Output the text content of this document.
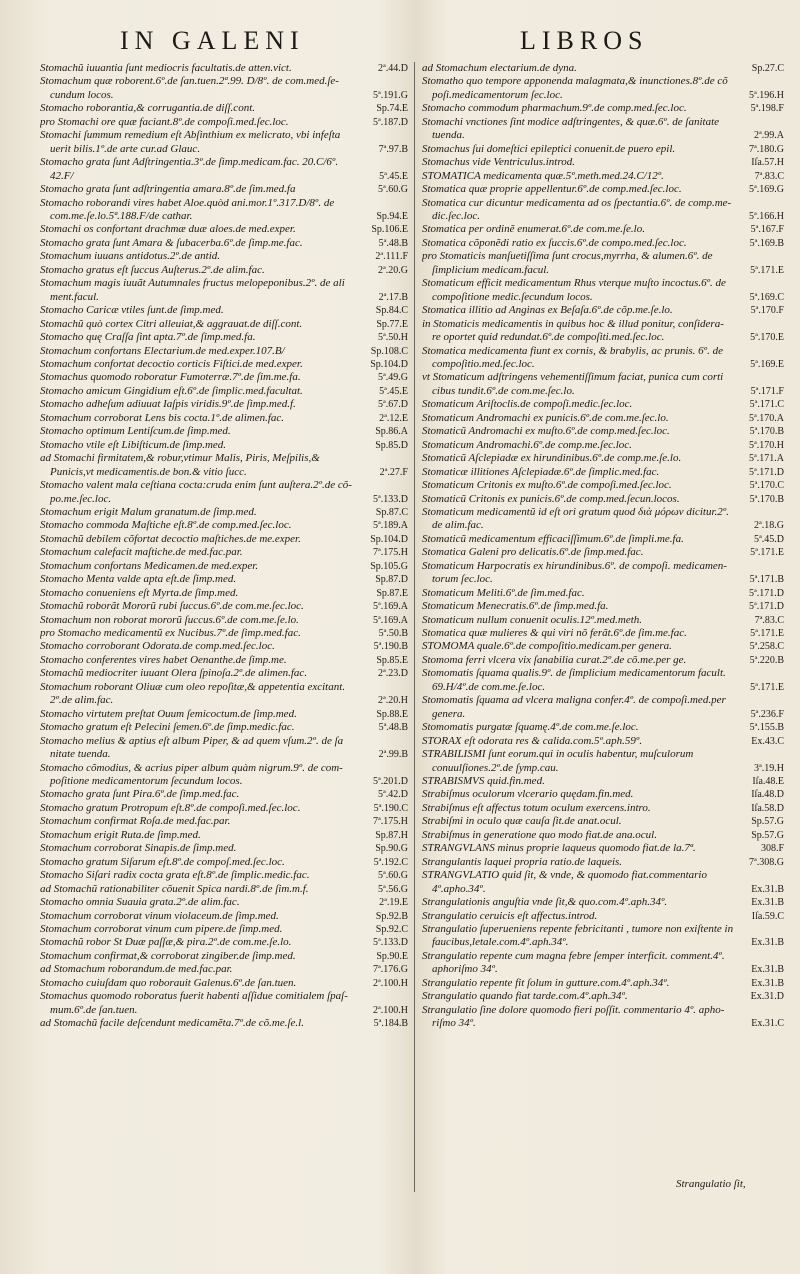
IN GALENI	LIBROS
2ª.44.D
Stomachũ iuuantia ſunt mediocris facultatis.de atten.vict.
Stomachum quæ roborent.6º.de ſan.tuen.2ª.99. D/8º. de com.med.ſe-
5ª.191.G
cundum locos.
Sp.74.E
Stomacho roborantia,& corrugantia.de diſſ.cont.
5ª.187.D
pro Stomachi ore quæ faciant.8º.de compoſi.med.ſec.loc.
Stomachi ſummum remedium eſt Abſinthium ex melicrato, vbi infeſta
7ª.97.B
uerit bilis.1º.de arte cur.ad Glauc.
Stomacho grata ſunt Adſtringentia.3º.de ſimp.medicam.fac. 20.C/6º.
5ª.45.E
42.F/
5ª.60.G
Stomacho grata ſunt adſtringentia amara.8º.de ſim.med.fa
Stomacho roborandi vires habet Aloe.quòd ani.mor.1º.317.D/8º. de
Sp.94.E
com.me.ſe.lo.5ª.188.F/de cathar.
Sp.106.E
Stomachi os confortant drachmæ duæ aloes.de med.exper.
5ª.48.B
Stomacho grata ſunt Amara & ſubacerba.6º.de ſimp.me.fac.
2ª.111.F
Stomachum iuuans antidotus.2º.de antid.
2ª.20.G
Stomacho gratus eſt ſuccus Auſterus.2º.de alim.fac.
Stomachum magis iuuãt Autumnales fructus melopeponibus.2º. de ali
2ª.17.B
ment.facul.
Sp.84.C
Stomacho Caricæ vtiles ſunt.de ſimp.med.
Sp.77.E
Stomachũ quò cortex Citri alleuiat,& aggrauat.de diſſ.cont.
5ª.50.H
Stomacho quę Craſſa ſint apta.7º.de ſimp.med.fa.
Sp.108.C
Stomachum confortans Electarium.de med.exper.107.B/
Sp.104.D
Stomachum confortat decoctio corticis Fiſtici.de med.exper.
5ª.49.G
Stomachus quomodo roboratur Fumoterræ.7º.de ſim.me.fa.
5ª.45.E
Stomacho amicum Gingidium eſt.6º.de ſimplic.med.facultat.
5ª.67.D
Stomacho adheſum adiuuat Iaſpis viridis.9º.de ſimp.med.f.
2ª.12.E
Stomachum corroborat Lens bis cocta.1º.de alimen.fac.
Sp.86.A
Stomacho optimum Lentiſcum.de ſimp.med.
Sp.85.D
Stomacho vtile eſt Libiſticum.de ſimp.med.
ad Stomachi firmitatem,& robur,vtimur Malis, Piris, Meſpilis,&
2ª.27.F
Punicis,vt medicamentis.de bon.& vitio ſucc.
Stomacho valent mala ceſtiana cocta:cruda enim ſunt auſtera.2º.de cõ-
5ª.133.D
po.me.ſec.loc.
Sp.87.C
Stomachum erigit Malum granatum.de ſimp.med.
5ª.189.A
Stomacho commoda Maſtiche eſt.8º.de comp.med.ſec.loc.
Sp.104.D
Stomachũ debilem cõfortat decoctio maſtiches.de me.exper.
7ª.175.H
Stomachum calefacit maſtiche.de med.fac.par.
Sp.105.G
Stomachum confortans Medicamen.de med.exper.
Sp.87.D
Stomacho Menta valde apta eſt.de ſimp.med.
Sp.87.E
Stomacho conueniens eſt Myrta.de ſimp.med.
5ª.169.A
Stomachũ roborãt Mororũ rubi ſuccus.6º.de com.me.ſec.loc.
5ª.169.A
Stomachum non roborat mororũ ſuccus.6º.de com.me.ſe.lo.
5ª.50.B
pro Stomacho medicamentũ ex Nucibus.7º.de ſimp.med.fac.
5ª.190.B
Stomacho corroborant Odorata.de comp.med.ſec.loc.
Sp.85.E
Stomacho conferentes vires habet Oenanthe.de ſimp.me.
2ª.23.D
Stomachũ mediocriter iuuant Olera ſpinoſa.2º.de alimen.fac.
Stomachum roborant Oliuæ cum oleo repoſitæ,& appetentia excitant.
2ª.20.H
2º.de alim.fac.
Sp.88.E
Stomacho virtutem preſtat Ouum ſemicoctum.de ſimp.med.
5ª.48.B
Stomacho gratum eſt Pelecini ſemen.6º.de ſimp.medic.fac.
Stomacho melius & aptius eſt album Piper, & ad quem vſum.2º. de ſa
2ª.99.B
nitate tuenda.
Stomacho cõmodius, & acrius piper album quàm nigrum.9º. de com-
5ª.201.D
poſitione medicamentorum ſecundum locos.
5ª.42.D
Stomacho grata ſunt Pira.6º.de ſimp.med.fac.
5ª.190.C
Stomacho gratum Protropum eſt.8º.de compoſi.med.ſec.loc.
7ª.175.H
Stomachum confirmat Roſa.de med.fac.par.
Sp.87.H
Stomachum erigit Ruta.de ſimp.med.
Sp.90.G
Stomachum corroborat Sinapis.de ſimp.med.
5ª.192.C
Stomacho gratum Siſarum eſt.8º.de compoſ.med.ſec.loc.
5ª.60.G
Stomacho Siſari radix cocta grata eſt.8º.de ſimplic.medic.fac.
5ª.56.G
ad Stomachũ rationabiliter cõuenit Spica nardi.8º.de ſim.m.f.
2ª.19.E
Stomacho omnia Suauia grata.2º.de alim.fac.
Sp.92.B
Stomachum corroborat vinum violaceum.de ſimp.med.
Sp.92.C
Stomachum corroborat vinum cum pipere.de ſimp.med.
5ª.133.D
Stomachũ robor St Duæ paſſæ,& pira.2º.de com.me.ſe.lo.
Sp.90.E
Stomachum confirmat,& corroborat zingiber.de ſimp.med.
7ª.176.G
ad Stomachum roborandum.de med.fac.par.
2ª.100.H
Stomacho cuiuſdam quo roborauit Galenus.6º.de ſan.tuen.
Stomachus quomodo roboratus fuerit habenti aſſidue comitialem ſpaſ-
2ª.100.H
mum.6º.de ſan.tuen.
5ª.184.B
ad Stomachũ facile deſcendunt medicamẽta.7º.de cõ.me.ſe.l.
Sp.27.C
ad Stomachum electarium.de dyna.
Stomatho quo tempore apponenda malagmata,& inunctiones.8º.de cõ
5ª.196.H
poſi.medicamentorum ſec.loc.
5ª.198.F
Stomacho commodum pharmachum.9º.de comp.med.ſec.loc.
Stomachi vnctiones ſint modice adſtringentes, & quæ.6º. de ſanitate
2ª.99.A
tuenda.
7ª.180.G
Stomachus ſui domeſtici epileptici conuenit.de puero epil.
Iſa.57.H
Stomachus vide Ventriculus.introd.
7ª.83.C
STOMATICA medicamenta quæ.5º.meth.med.24.C/12º.
5ª.169.G
Stomatica quæ proprie appellentur.6º.de comp.med.ſec.loc.
Stomatica cur dicuntur medicamenta ad os ſpectantia.6º. de comp.me-
5ª.166.H
dic.ſec.loc.
5ª.167.F
Stomatica per ordinẽ enumerat.6º.de com.me.ſe.lo.
5ª.169.B
Stomatica cõponẽdi ratio ex ſuccis.6º.de compo.med.ſec.loc.
pro Stomaticis manſuetiſſima ſunt crocus,myrrha, & alumen.6º. de
5ª.171.E
ſimplicium medicam.facul.
Stomaticum efficit medicamentum Rhus vterque muſto incoctus.6º. de
5ª.169.C
compoſitione medic.ſecundum locos.
5ª.170.F
Stomatica illitio ad Anginas ex Beſaſa.6º.de cõp.me.ſe.lo.
in Stomaticis medicamentis in quibus hoc & illud ponitur, conſidera-
5ª.170.E
re oportet quid redundat.6º.de compoſiti.med.ſec.loc.
Stomatica medicamenta fiunt ex cornis, & brabylis, ac prunis. 6º. de
5ª.169.E
compoſitio.med.ſec.loc.
vt Stomaticum adſtringens vehementiſſimum faciat, punica cum corti
5ª.171.F
cibus tundit.6º.de com.me.ſec.lo.
5ª.171.C
Stomaticum Ariſtoclis.de compoſi.medic.ſec.loc.
5ª.170.A
Stomaticum Andromachi ex punicis.6º.de com.me.ſec.lo.
5ª.170.B
Stomaticũ Andromachi ex muſto.6º.de comp.med.ſec.loc.
5ª.170.H
Stomaticum Andromachi.6º.de comp.me.ſec.loc.
5ª.171.A
Stomaticũ Aſclepiadæ ex hirundinibus.6º.de comp.me.ſe.lo.
5ª.171.D
Stomaticæ illitiones Aſclepiadæ.6º.de ſimplic.med.fac.
5ª.170.C
Stomaticum Critonis ex muſto.6º.de compoſi.med.ſec.loc.
5ª.170.B
Stomaticũ Critonis ex punicis.6º.de comp.med.ſecun.locos.
Stomaticum medicamentũ id eſt ori gratum quod διὰ μόρων dicitur.2º.
2ª.18.G
de alim.fac.
5ª.45.D
Stomaticũ medicamentum efficaciſſimum.6º.de ſimpli.me.fa.
5ª.171.E
Stomatica Galeni pro delicatis.6º.de ſimp.med.fac.
Stomaticum Harpocratis ex hirundinibus.6º. de compoſi. medicamen-
5ª.171.B
torum ſec.loc.
5ª.171.D
Stomaticum Meliti.6º.de ſim.med.fac.
5ª.171.D
Stomaticum Menecratis.6º.de ſimp.med.fa.
7ª.83.C
Stomaticum nullum conuenit oculis.12º.med.meth.
5ª.171.E
Stomatica quæ mulieres & qui viri nõ ferãt.6º.de ſim.me.fac.
5ª.258.C
STOMOMA quale.6º.de compoſitio.medicam.per genera.
5ª.220.B
Stomoma ferri vlcera vix ſanabilia curat.2º.de cõ.me.per ge.
Stomomatis ſquama qualis.9º. de ſimplicium medicamentorum facult.
5ª.171.E
69.H/4º.de com.me.ſe.loc.
Stomomatis ſquama ad vlcera maligna confer.4º. de compoſi.med.per
5ª.236.F
genera.
5ª.155.B
Stomomatis purgatæ ſquamę.4º.de com.me.ſe.loc.
Ex.43.C
STORAX eſt odorata res & calida.com.5º.aph.59º.
STRABILISMI ſunt eorum.qui in oculis habentur, muſculorum
3ª.19.H
conuulſiones.2º.de ſymp.cau.
Iſa.48.E
STRABISMVS quid.fin.med.
Iſa.48.D
Strabiſmus oculorum vlcerario quędam.fin.med.
Iſa.58.D
Strabiſmus eſt affectus totum oculum exercens.intro.
Sp.57.G
Strabiſmi in oculo quæ cauſa ſit.de anat.ocul.
Sp.57.G
Strabiſmus in generatione quo modo fiat.de ana.ocul.
308.F
STRANGVLANS minus proprie laqueus quomodo fiat.de la.7ª.
7ª.308.G
Strangulantis laquei propria ratio.de laqueis.
STRANGVLATIO quid ſit, & vnde, & quomodo fiat.commentario
Ex.31.B
4º.apho.34º.
Ex.31.B
Strangulationis anguſtia vnde ſit,& quo.com.4º.aph.34º.
Iſa.59.C
Strangulatio ceruicis eſt affectus.introd.
Strangulatio ſuperueniens repente febricitanti , tumore non exiſtente in
Ex.31.B
faucibus,letale.com.4º.aph.34º.
Strangulatio repente cum magna febre ſemper interficit. comment.4º.
Ex.31.B
aphoriſmo 34º.
Ex.31.B
Strangulatio repente fit ſolum in gutture.com.4º.aph.34º.
Ex.31.D
Strangulatio quando fiat tarde.com.4º.aph.34º.
Strangulatio ſine dolore quomodo fieri poſſit. commentario 4º. apho-
Ex.31.C
riſmo 34º.
Strangulatio ſit,
